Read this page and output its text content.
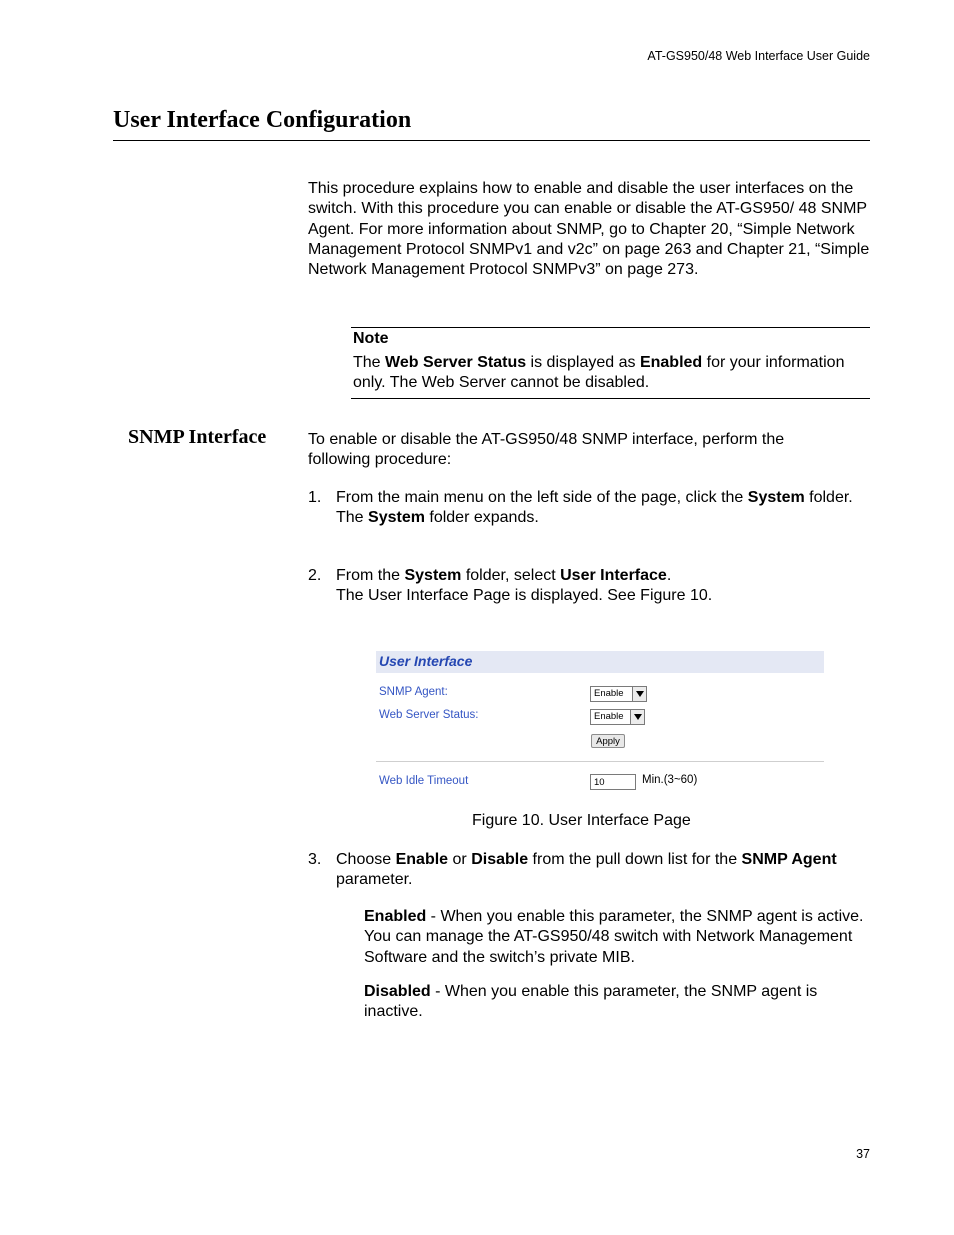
AT-GS950/48 Web Interface User Guide
User Interface Configuration
This procedure explains how to enable and disable the user interfaces on the switch. With this procedure you can enable or disable the AT-GS950/ 48 SNMP Agent. For more information about SNMP, go to Chapter 20, “Simple Network Management Protocol SNMPv1 and v2c” on page 263 and Chapter 21, “Simple Network Management Protocol SNMPv3” on page 273.
Note
The Web Server Status is displayed as Enabled for your information only. The Web Server cannot be disabled.
SNMP Interface	To enable or disable the AT-GS950/48 SNMP interface, perform the following procedure:
1. From the main menu on the left side of the page, click the System folder.
The System folder expands.
2. From the System folder, select User Interface.
The User Interface Page is displayed. See Figure 10.
User Interface
SNMP Agent:	Enable
Web Server Status:	Enable
Apply
Web Idle Timeout	10	Min.(3~60)
Figure 10. User Interface Page
3. Choose Enable or Disable from the pull down list for the SNMP Agent parameter.
Enabled - When you enable this parameter, the SNMP agent is active. You can manage the AT-GS950/48 switch with Network Management Software and the switch’s private MIB.
Disabled - When you enable this parameter, the SNMP agent is inactive.
37
